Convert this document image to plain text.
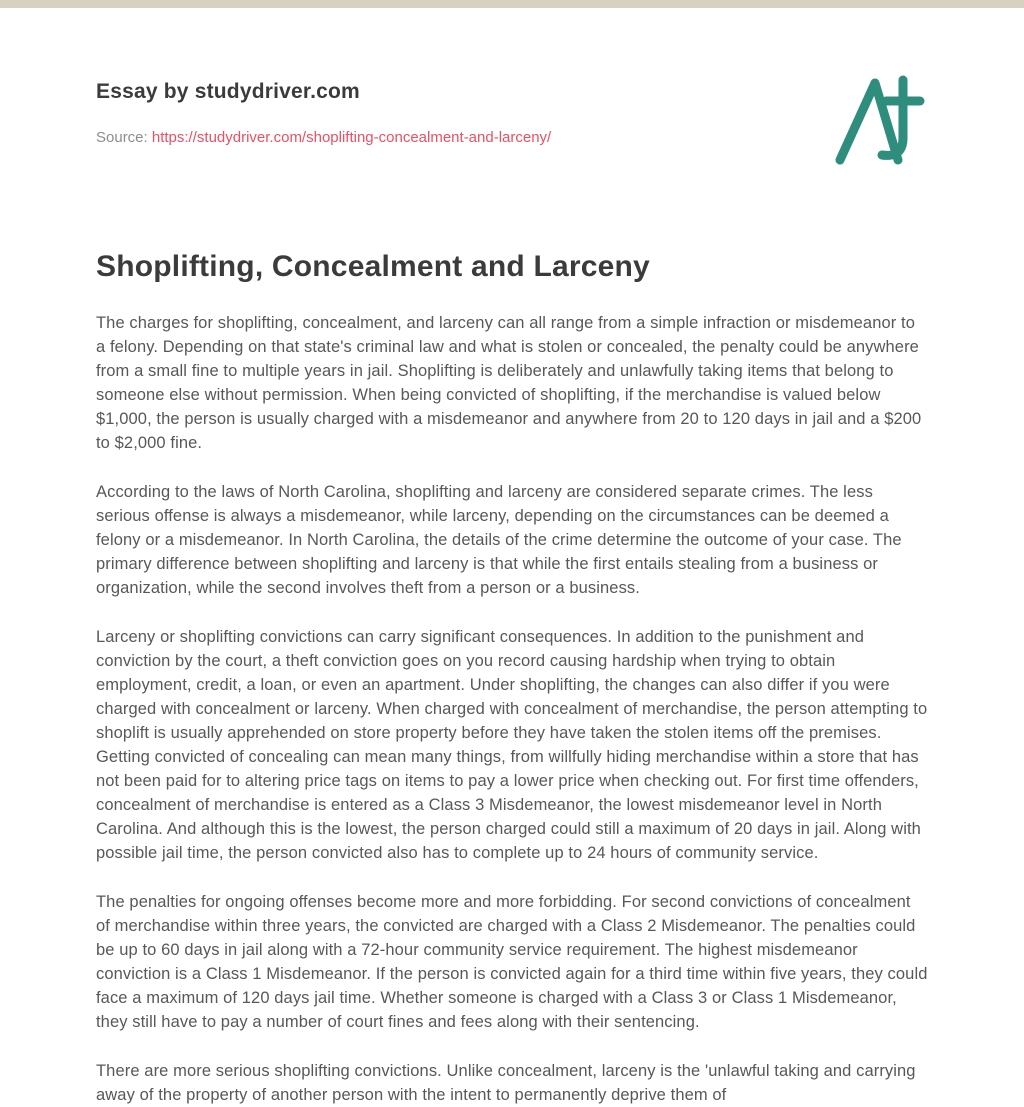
Essay by studydriver.com
Source: https://studydriver.com/shoplifting-concealment-and-larceny/
Shoplifting, Concealment and Larceny

The charges for shoplifting, concealment, and larceny can all range from a simple infraction or misdemeanor to a felony. Depending on that state's criminal law and what is stolen or concealed, the penalty could be anywhere from a small fine to multiple years in jail. Shoplifting is deliberately and unlawfully taking items that belong to someone else without permission. When being convicted of shoplifting, if the merchandise is valued below $1,000, the person is usually charged with a misdemeanor and anywhere from 20 to 120 days in jail and a $200 to $2,000 fine.

According to the laws of North Carolina, shoplifting and larceny are considered separate crimes. The less serious offense is always a misdemeanor, while larceny, depending on the circumstances can be deemed a felony or a misdemeanor. In North Carolina, the details of the crime determine the outcome of your case. The primary difference between shoplifting and larceny is that while the first entails stealing from a business or organization, while the second involves theft from a person or a business.

Larceny or shoplifting convictions can carry significant consequences. In addition to the punishment and conviction by the court, a theft conviction goes on you record causing hardship when trying to obtain employment, credit, a loan, or even an apartment. Under shoplifting, the changes can also differ if you were charged with concealment or larceny. When charged with concealment of merchandise, the person attempting to shoplift is usually apprehended on store property before they have taken the stolen items off the premises. Getting convicted of concealing can mean many things, from willfully hiding merchandise within a store that has not been paid for to altering price tags on items to pay a lower price when checking out. For first time offenders, concealment of merchandise is entered as a Class 3 Misdemeanor, the lowest misdemeanor level in North Carolina. And although this is the lowest, the person charged could still a maximum of 20 days in jail. Along with possible jail time, the person convicted also has to complete up to 24 hours of community service.

The penalties for ongoing offenses become more and more forbidding. For second convictions of concealment of merchandise within three years, the convicted are charged with a Class 2 Misdemeanor. The penalties could be up to 60 days in jail along with a 72-hour community service requirement. The highest misdemeanor conviction is a Class 1 Misdemeanor. If the person is convicted again for a third time within five years, they could face a maximum of 120 days jail time. Whether someone is charged with a Class 3 or Class 1 Misdemeanor, they still have to pay a number of court fines and fees along with their sentencing.

There are more serious shoplifting convictions. Unlike concealment, larceny is the 'unlawful taking and carrying away of the property of another person with the intent to permanently deprive them of
